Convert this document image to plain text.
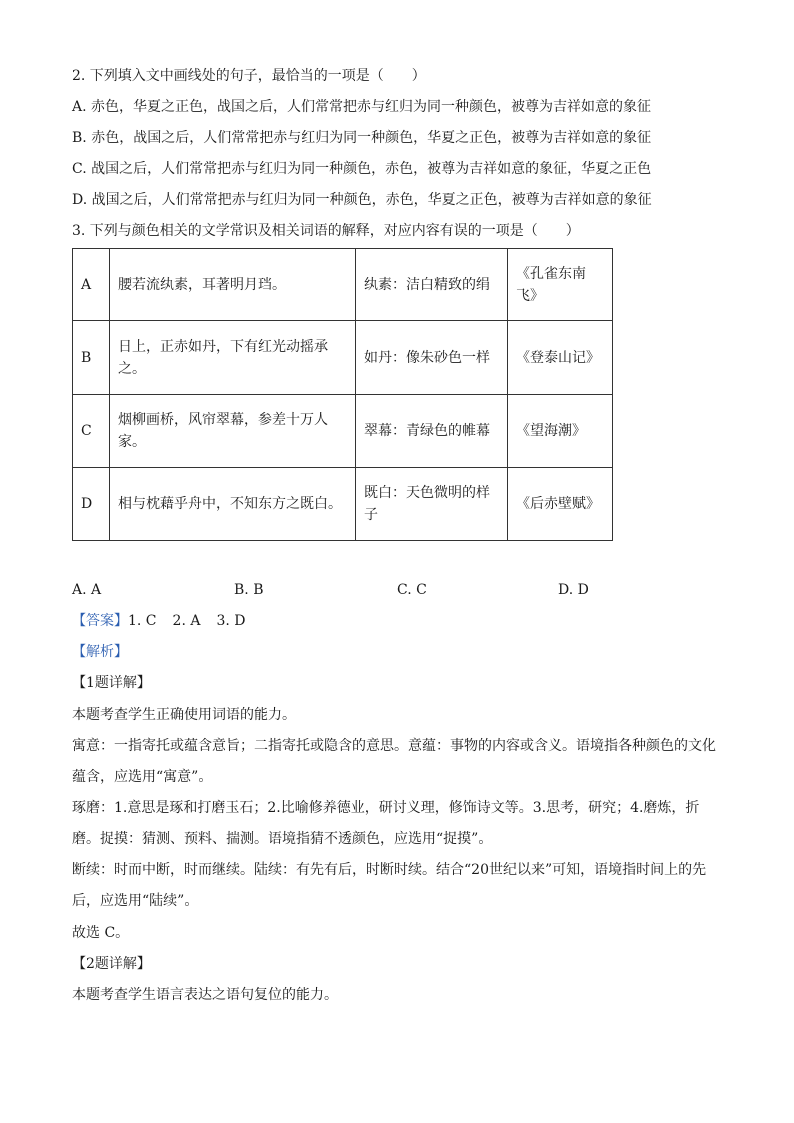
2. 下列填入文中画线处的句子，最恰当的一项是（　　）
A. 赤色，华夏之正色，战国之后，人们常常把赤与红归为同一种颜色，被尊为吉祥如意的象征
B. 赤色，战国之后，人们常常把赤与红归为同一种颜色，华夏之正色，被尊为吉祥如意的象征
C. 战国之后，人们常常把赤与红归为同一种颜色，赤色，被尊为吉祥如意的象征，华夏之正色
D. 战国之后，人们常常把赤与红归为同一种颜色，赤色，华夏之正色，被尊为吉祥如意的象征
3. 下列与颜色相关的文学常识及相关词语的解释，对应内容有误的一项是（　　）
A	腰若流纨素，耳著明月珰。	纨素：洁白精致的绢	《孔雀东南飞》
B	日上，正赤如丹，下有红光动摇承之。	如丹：像朱砂色一样	《登泰山记》
C	烟柳画桥，风帘翠幕，参差十万人家。	翠幕：青绿色的帷幕	《望海潮》
D	相与枕藉乎舟中，不知东方之既白。	既白：天色微明的样子	《后赤壁赋》
A. A	B. B	C. C	D. D
【答案】1. C 2. A 3. D
【解析】
【1题详解】
本题考查学生正确使用词语的能力。
寓意：一指寄托或蕴含意旨；二指寄托或隐含的意思。意蕴：事物的内容或含义。语境指各种颜色的文化
蕴含，应选用“寓意”。
琢磨：1.意思是琢和打磨玉石；2.比喻修养德业，研讨义理，修饰诗文等。3.思考，研究；4.磨炼，折
磨。捉摸：猜测、预料、揣测。语境指猜不透颜色，应选用“捉摸”。
断续：时而中断，时而继续。陆续：有先有后，时断时续。结合“20世纪以来”可知，语境指时间上的先
后，应选用“陆续”。
故选 C。
【2题详解】
本题考查学生语言表达之语句复位的能力。
